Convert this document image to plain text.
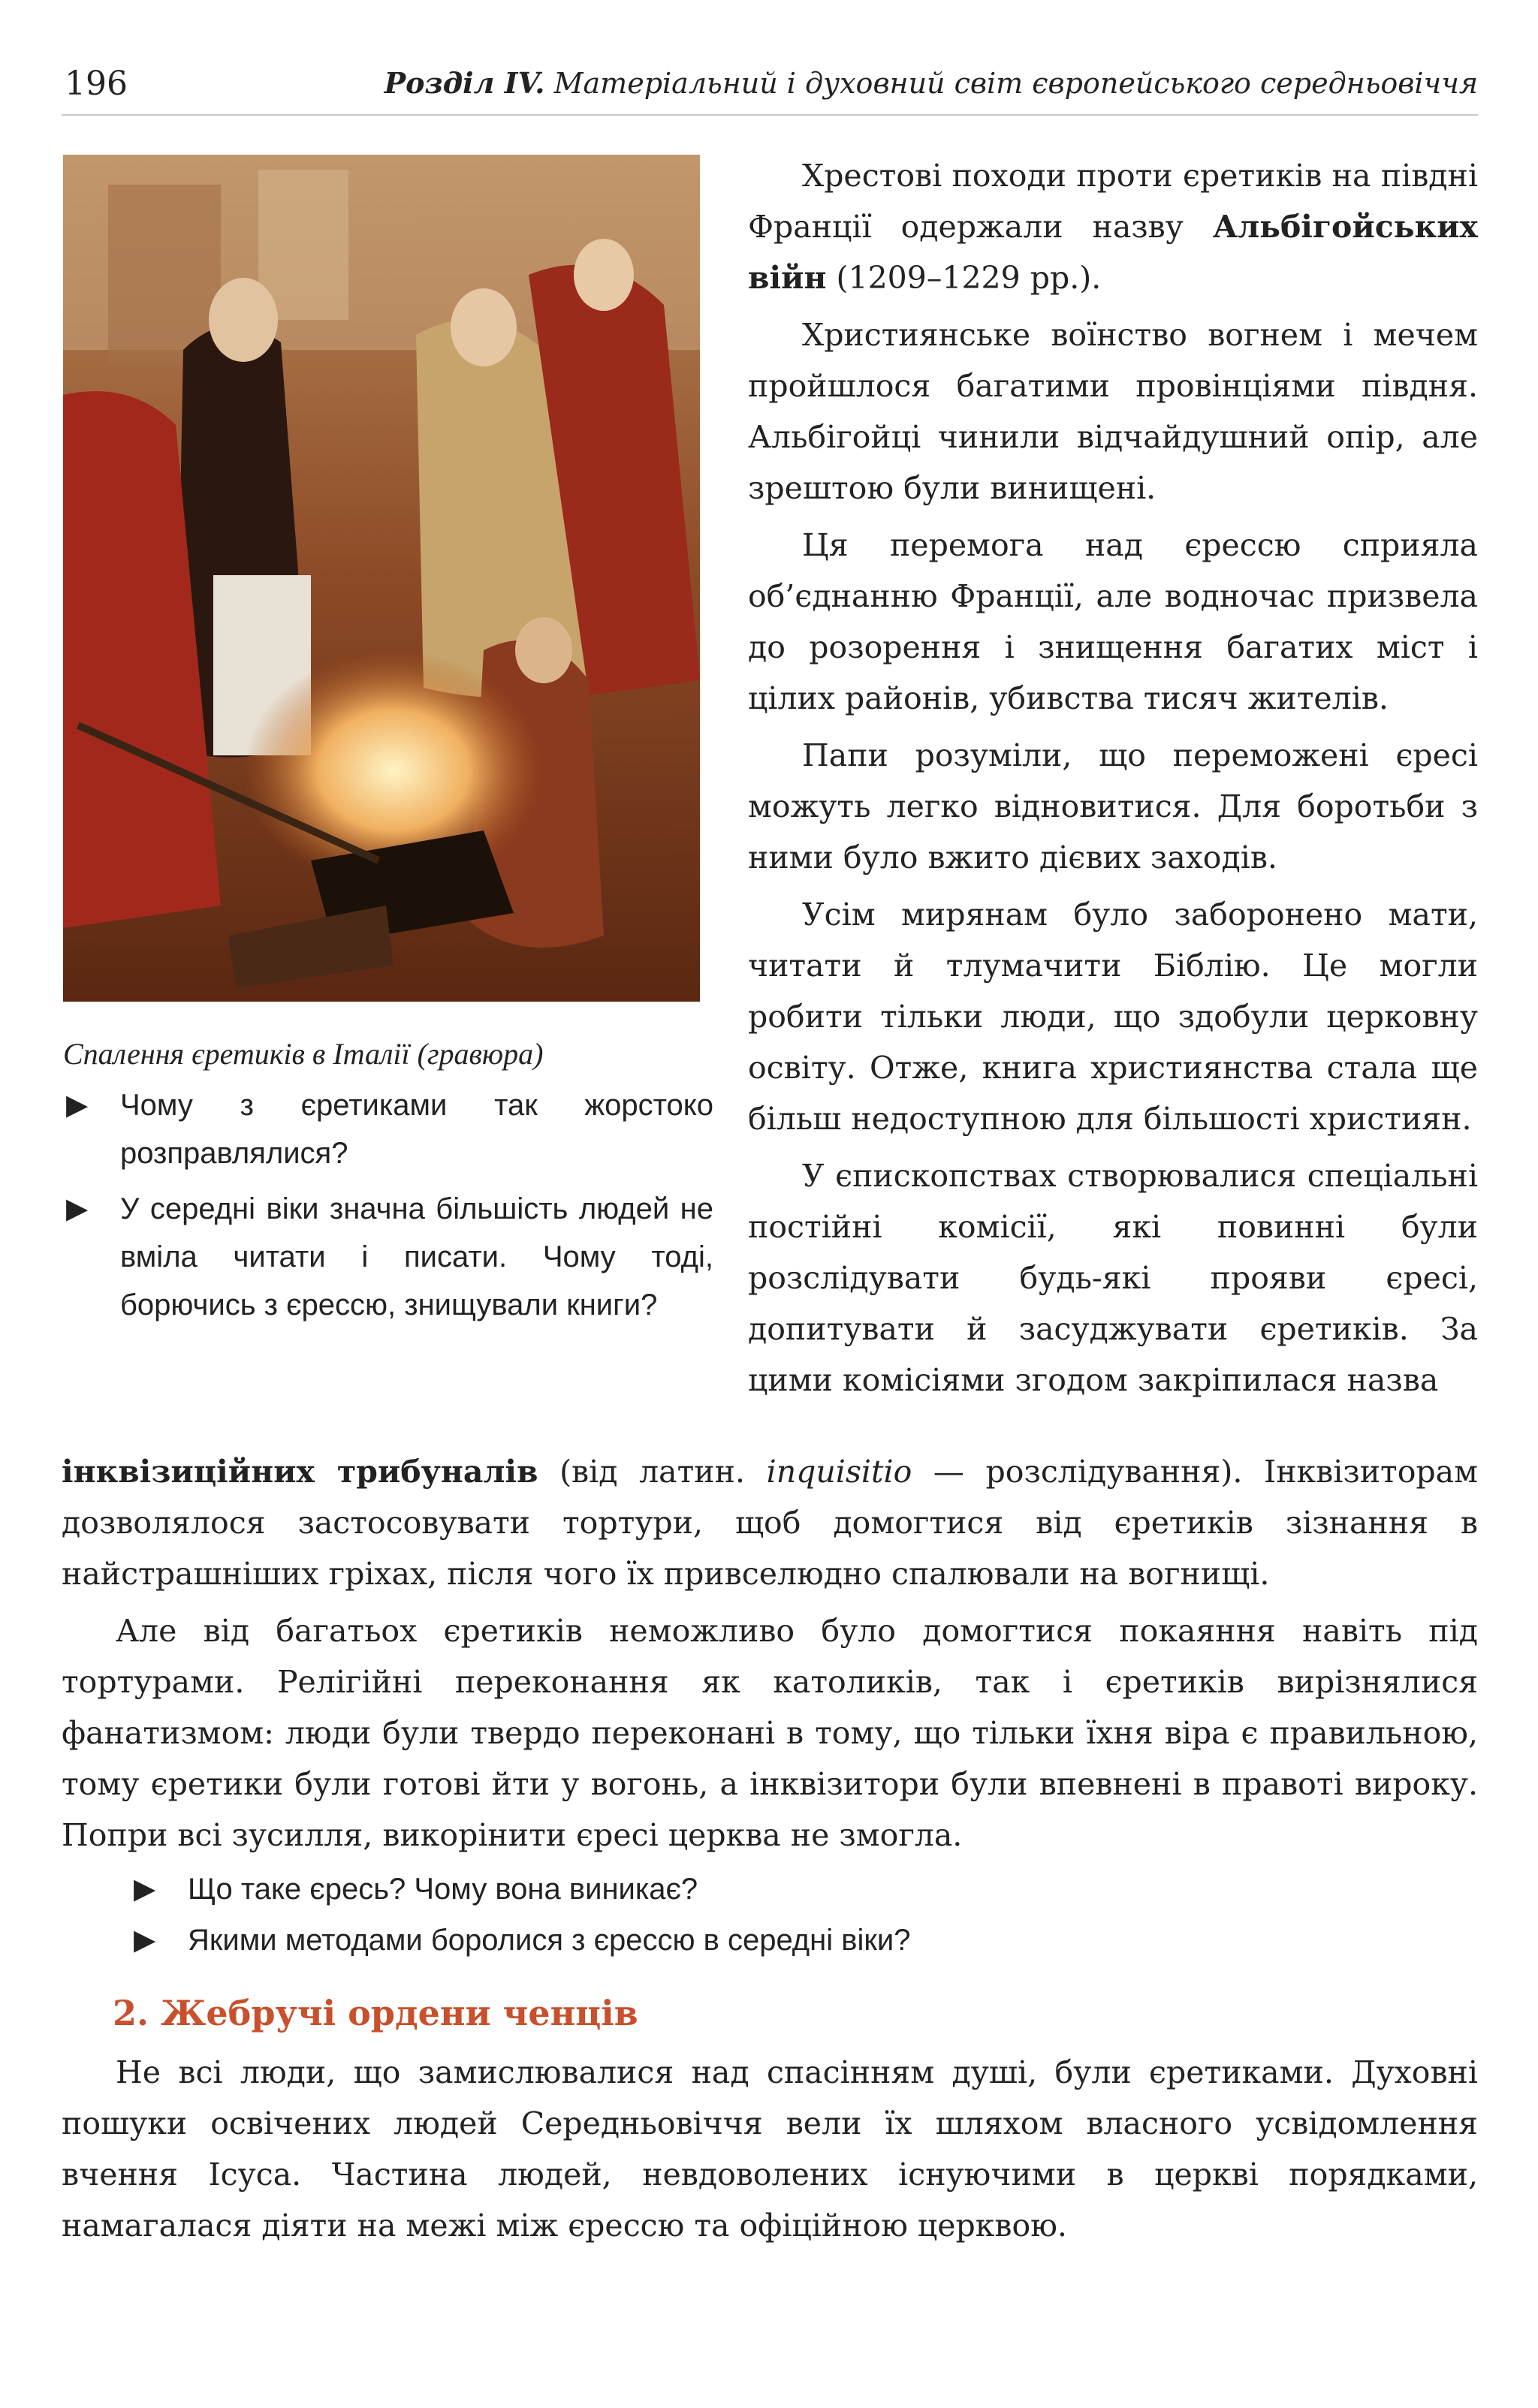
196	Розділ IV. Матеріальний і духовний світ європейського середньовіччя
Спалення єретиків в Італії (гравюра)
▶ Чому з єретиками так жорстоко розправлялися?
▶ У середні віки значна більшість людей не вміла читати і писати. Чому тоді, борючись з єрессю, знищували книги?

Хрестові походи проти єретиків на півдні Франції одержали назву Альбігойських війн (1209–1229 рр.).

Християнське воїнство вогнем і мечем пройшлося багатими провінціями півдня. Альбігойці чинили відчайдушний опір, але зрештою були винищені.

Ця перемога над єрессю сприяла об’єднанню Франції, але водночас призвела до розорення і знищення багатих міст і цілих районів, убивства тисяч жителів.

Папи розуміли, що переможені єресі можуть легко відновитися. Для боротьби з ними було вжито дієвих заходів.

Усім мирянам було заборонено мати, читати й тлумачити Біблію. Це могли робити тільки люди, що здобули церковну освіту. Отже, книга християнства стала ще більш недоступною для більшості християн.

У єпископствах створювалися спеціальні постійні комісії, які повинні були розслідувати будь-які прояви єресі, допитувати й засуджувати єретиків. За цими комісіями згодом закріпилася назва

інквізиційних трибуналів (від латин. inquisitio — розслідування). Інквізиторам дозволялося застосовувати тортури, щоб домогтися від єретиків зізнання в найстрашніших гріхах, після чого їх привселюдно спалювали на вогнищі.

Але від багатьох єретиків неможливо було домогтися покаяння навіть під тортурами. Релігійні переконання як католиків, так і єретиків вирізнялися фанатизмом: люди були твердо переконані в тому, що тільки їхня віра є правильною, тому єретики були готові йти у вогонь, а інквізитори були впевнені в правоті вироку. Попри всі зусилля, викорінити єресі церква не змогла.

▶ Що таке єресь? Чому вона виникає?
▶ Якими методами боролися з єрессю в середні віки?
2. Жебручі ордени ченців
Не всі люди, що замислювалися над спасінням душі, були єретиками. Духовні пошуки освічених людей Середньовіччя вели їх шляхом власного усвідомлення вчення Ісуса. Частина людей, невдоволених існуючими в церкві порядками, намагалася діяти на межі між єрессю та офіційною церквою.
